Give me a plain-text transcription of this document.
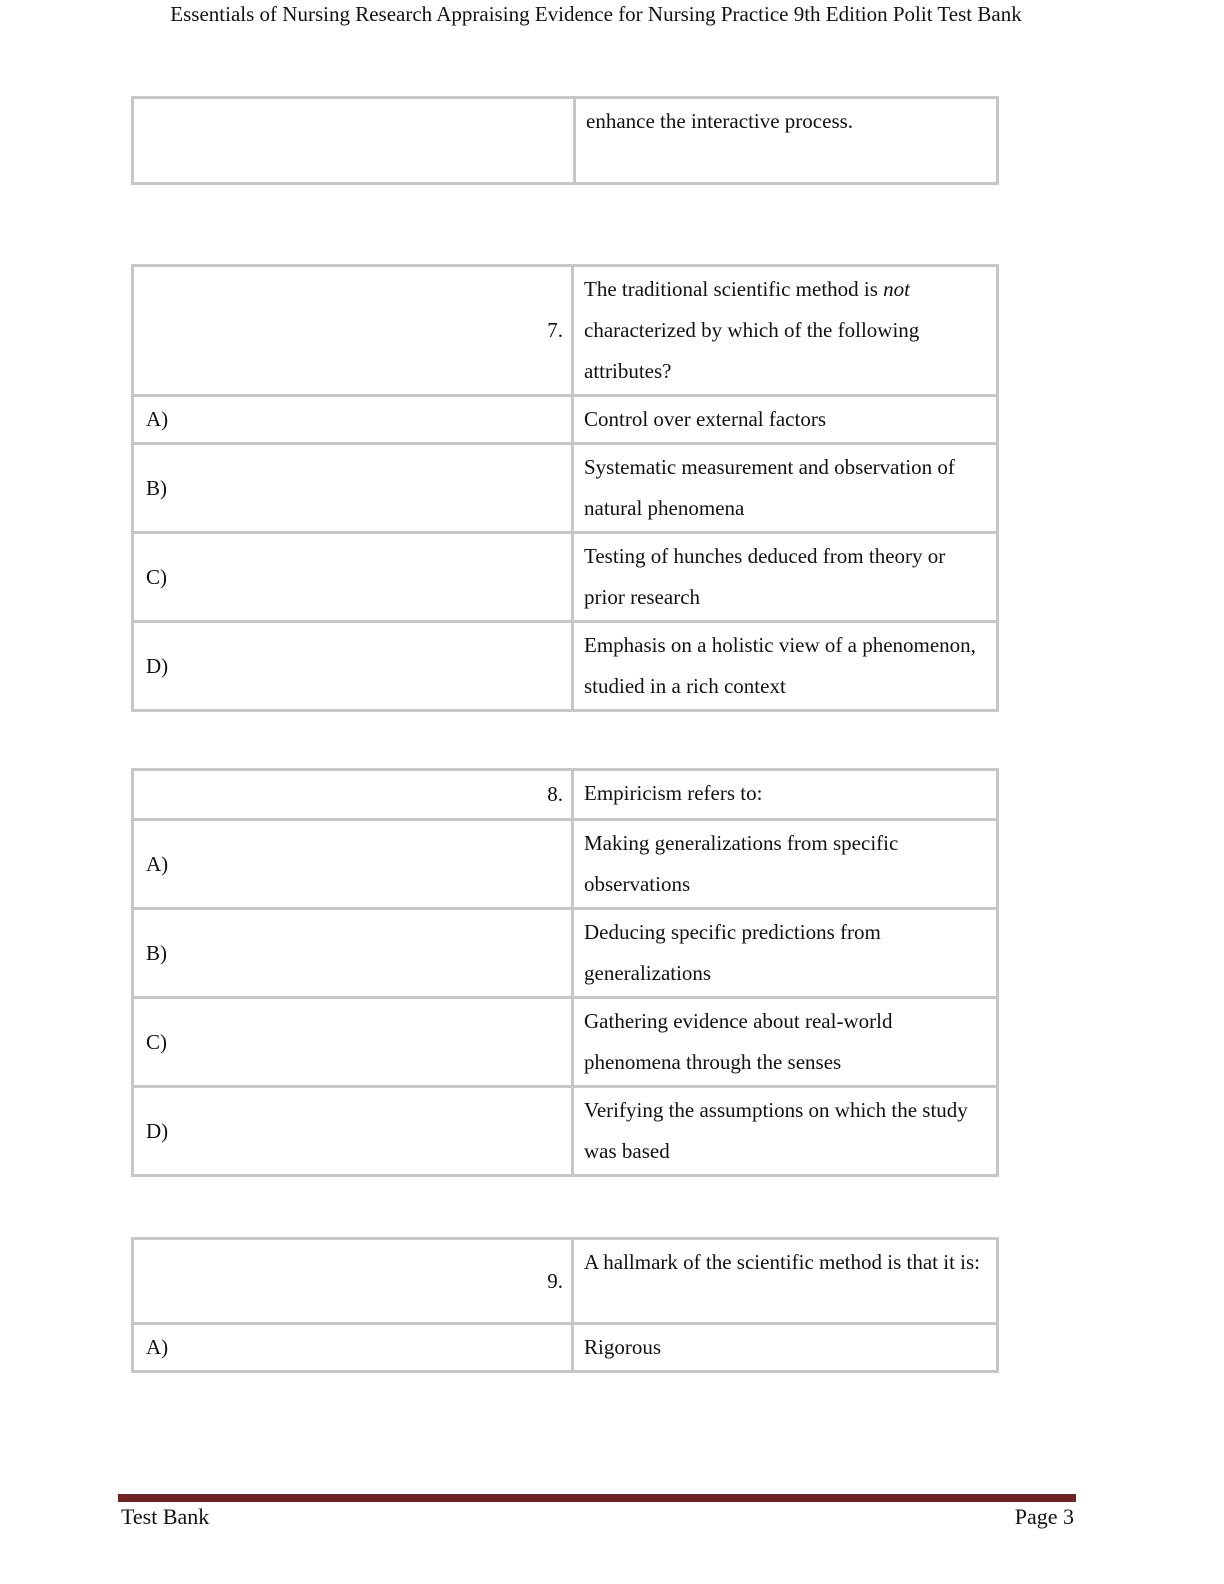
Essentials of Nursing Research Appraising Evidence for Nursing Practice 9th Edition Polit Test Bank
	enhance the interactive process.
7.	The traditional scientific method is not characterized by which of the following attributes?
A)	Control over external factors
B)	Systematic measurement and observation of natural phenomena
C)	Testing of hunches deduced from theory or prior research
D)	Emphasis on a holistic view of a phenomenon, studied in a rich context
8.	Empiricism refers to:
A)	Making generalizations from specific observations
B)	Deducing specific predictions from generalizations
C)	Gathering evidence about real-world phenomena through the senses
D)	Verifying the assumptions on which the study was based
9.	A hallmark of the scientific method is that it is:
A)	Rigorous
Test Bank	Page 3
